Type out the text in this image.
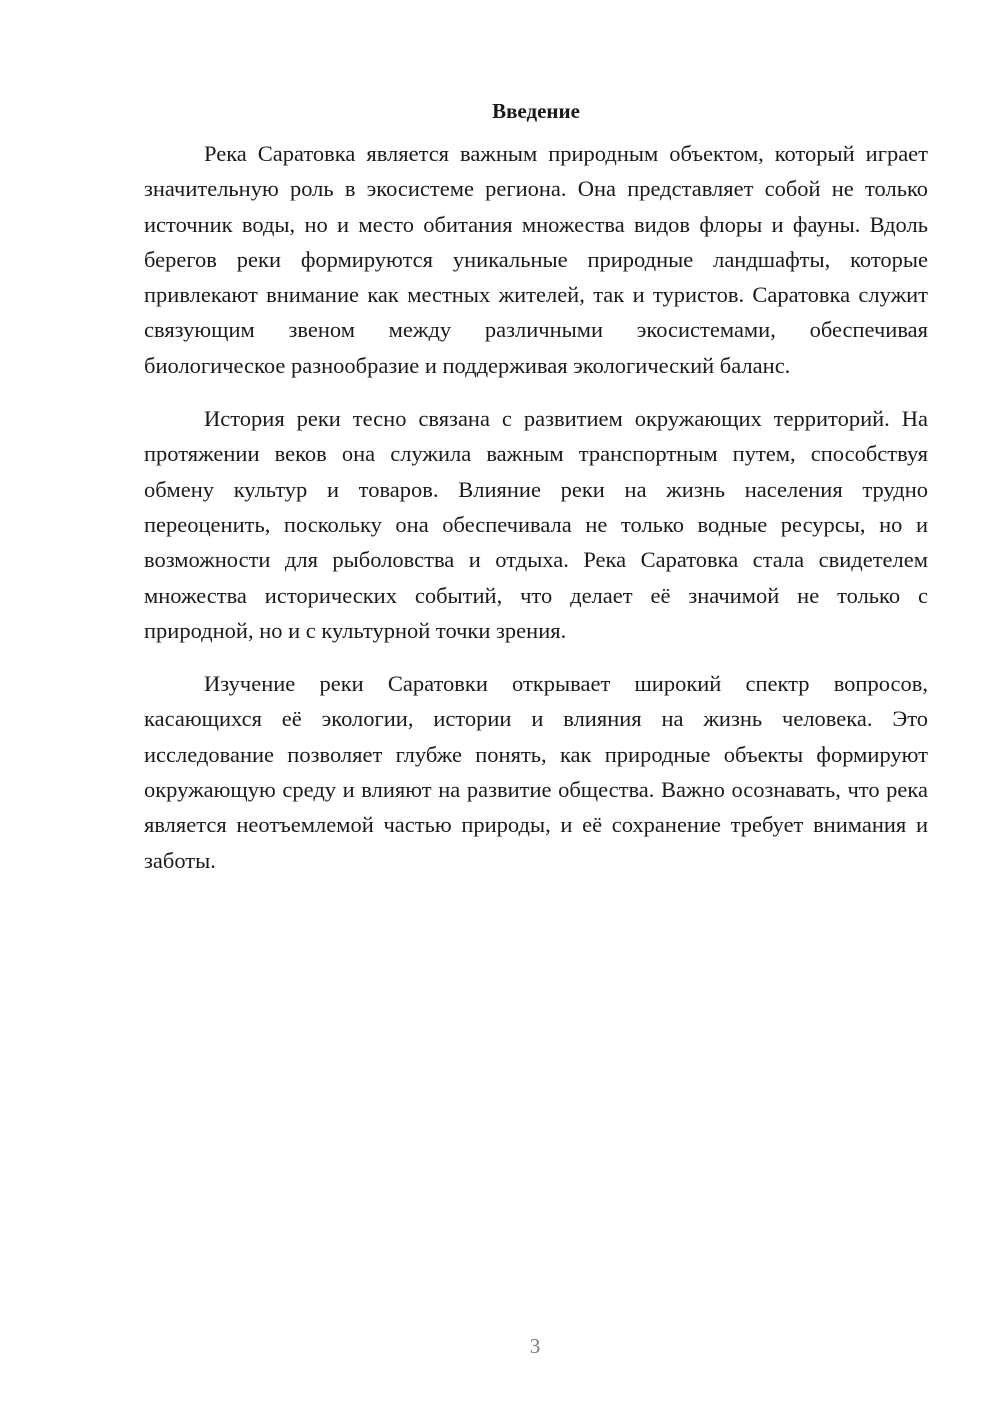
Введение

Река Саратовка является важным природным объектом, который играет значительную роль в экосистеме региона. Она представляет собой не только источник воды, но и место обитания множества видов флоры и фауны. Вдоль берегов реки формируются уникальные природные ландшафты, которые привлекают внимание как местных жителей, так и туристов. Саратовка служит связующим звеном между различными экосистемами, обеспечивая биологическое разнообразие и поддерживая экологический баланс.

История реки тесно связана с развитием окружающих территорий. На протяжении веков она служила важным транспортным путем, способствуя обмену культур и товаров. Влияние реки на жизнь населения трудно переоценить, поскольку она обеспечивала не только водные ресурсы, но и возможности для рыболовства и отдыха. Река Саратовка стала свидетелем множества исторических событий, что делает её значимой не только с природной, но и с культурной точки зрения.

Изучение реки Саратовки открывает широкий спектр вопросов, касающихся её экологии, истории и влияния на жизнь человека. Это исследование позволяет глубже понять, как природные объекты формируют окружающую среду и влияют на развитие общества. Важно осознавать, что река является неотъемлемой частью природы, и её сохранение требует внимания и заботы.

3
